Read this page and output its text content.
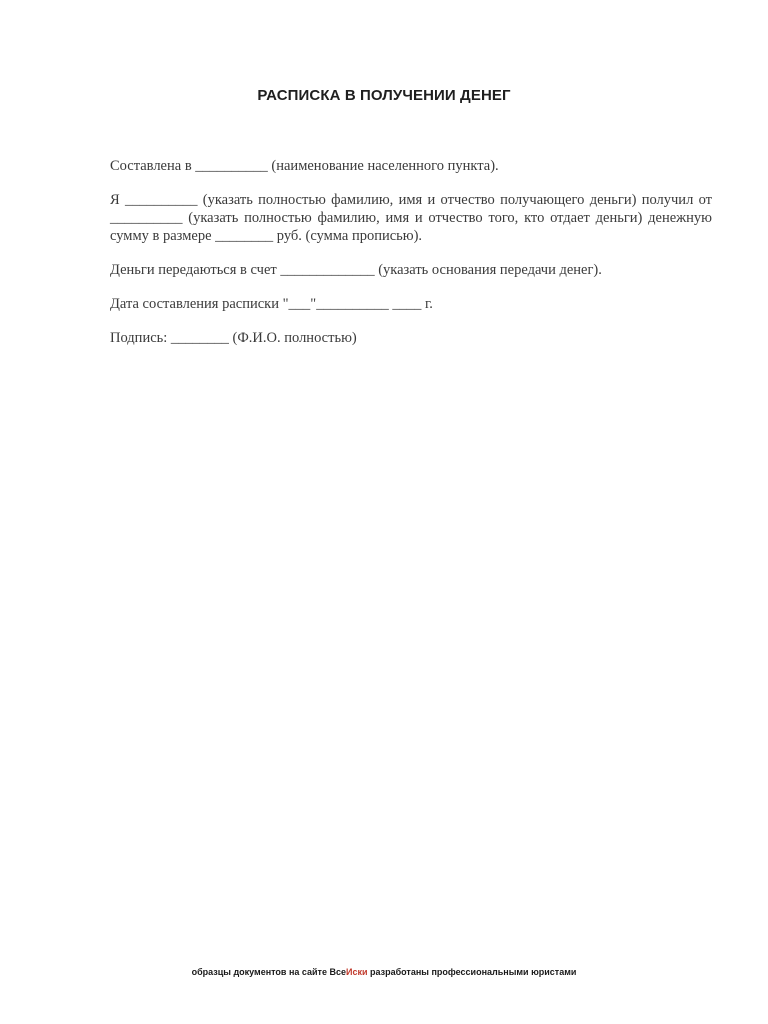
РАСПИСКА В ПОЛУЧЕНИИ ДЕНЕГ

Составлена в __________ (наименование населенного пункта).

Я __________ (указать полностью фамилию, имя и отчество получающего деньги) получил от __________ (указать полностью фамилию, имя и отчество того, кто отдает деньги) денежную сумму в размере ________ руб. (сумма прописью).

Деньги передаються в счет _____________ (указать основания передачи денег).

Дата составления расписки "___"__________ ____ г.

Подпись: ________ (Ф.И.О. полностью)

образцы документов на сайте ВсеИски разработаны профессиональными юристами
